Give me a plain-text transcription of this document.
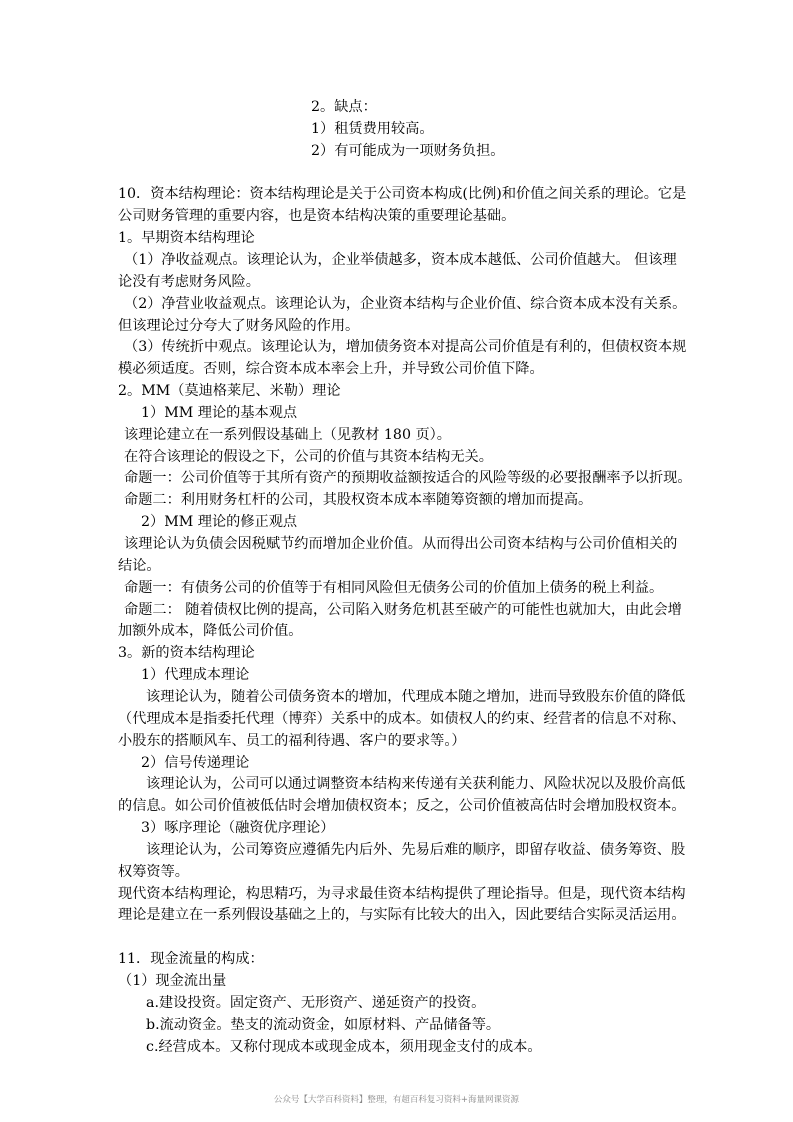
2。缺点：
1）租赁费用较高。
2）有可能成为一项财务负担。
10．资本结构理论：资本结构理论是关于公司资本构成(比例)和价值之间关系的理论。它是
公司财务管理的重要内容，也是资本结构决策的重要理论基础。
1。早期资本结构理论
（1）净收益观点。该理论认为，企业举债越多，资本成本越低、公司价值越大。 但该理
论没有考虑财务风险。
（2）净营业收益观点。该理论认为，企业资本结构与企业价值、综合资本成本没有关系。
但该理论过分夸大了财务风险的作用。
（3）传统折中观点。该理论认为，增加债务资本对提高公司价值是有利的，但债权资本规
模必须适度。否则，综合资本成本率会上升，并导致公司价值下降。
2。MM（莫迪格莱尼、米勒）理论
1）MM 理论的基本观点
该理论建立在一系列假设基础上（见教材 180 页）。
在符合该理论的假设之下，公司的价值与其资本结构无关。
命题一：公司价值等于其所有资产的预期收益额按适合的风险等级的必要报酬率予以折现。
命题二：利用财务杠杆的公司，其股权资本成本率随筹资额的增加而提高。
2）MM 理论的修正观点
该理论认为负债会因税赋节约而增加企业价值。从而得出公司资本结构与公司价值相关的
结论。
命题一：有债务公司的价值等于有相同风险但无债务公司的价值加上债务的税上利益。
命题二： 随着债权比例的提高，公司陷入财务危机甚至破产的可能性也就加大，由此会增
加额外成本，降低公司价值。
3。新的资本结构理论
1）代理成本理论
该理论认为，随着公司债务资本的增加，代理成本随之增加，进而导致股东价值的降低
（代理成本是指委托代理（博弈）关系中的成本。如债权人的约束、经营者的信息不对称、
小股东的搭顺风车、员工的福利待遇、客户的要求等。）
2）信号传递理论
该理论认为，公司可以通过调整资本结构来传递有关获利能力、风险状况以及股价高低
的信息。如公司价值被低估时会增加债权资本；反之，公司价值被高估时会增加股权资本。
3）啄序理论（融资优序理论）
该理论认为，公司筹资应遵循先内后外、先易后难的顺序，即留存收益、债务筹资、股
权筹资等。
现代资本结构理论，构思精巧，为寻求最佳资本结构提供了理论指导。但是，现代资本结构
理论是建立在一系列假设基础之上的，与实际有比较大的出入，因此要结合实际灵活运用。
11．现金流量的构成：
（1）现金流出量
a.建设投资。固定资产、无形资产、递延资产的投资。
b.流动资金。垫支的流动资金，如原材料、产品储备等。
c.经营成本。又称付现成本或现金成本，须用现金支付的成本。
公众号【大学百科资料】整理，有超百科复习资料+海量网课资源
